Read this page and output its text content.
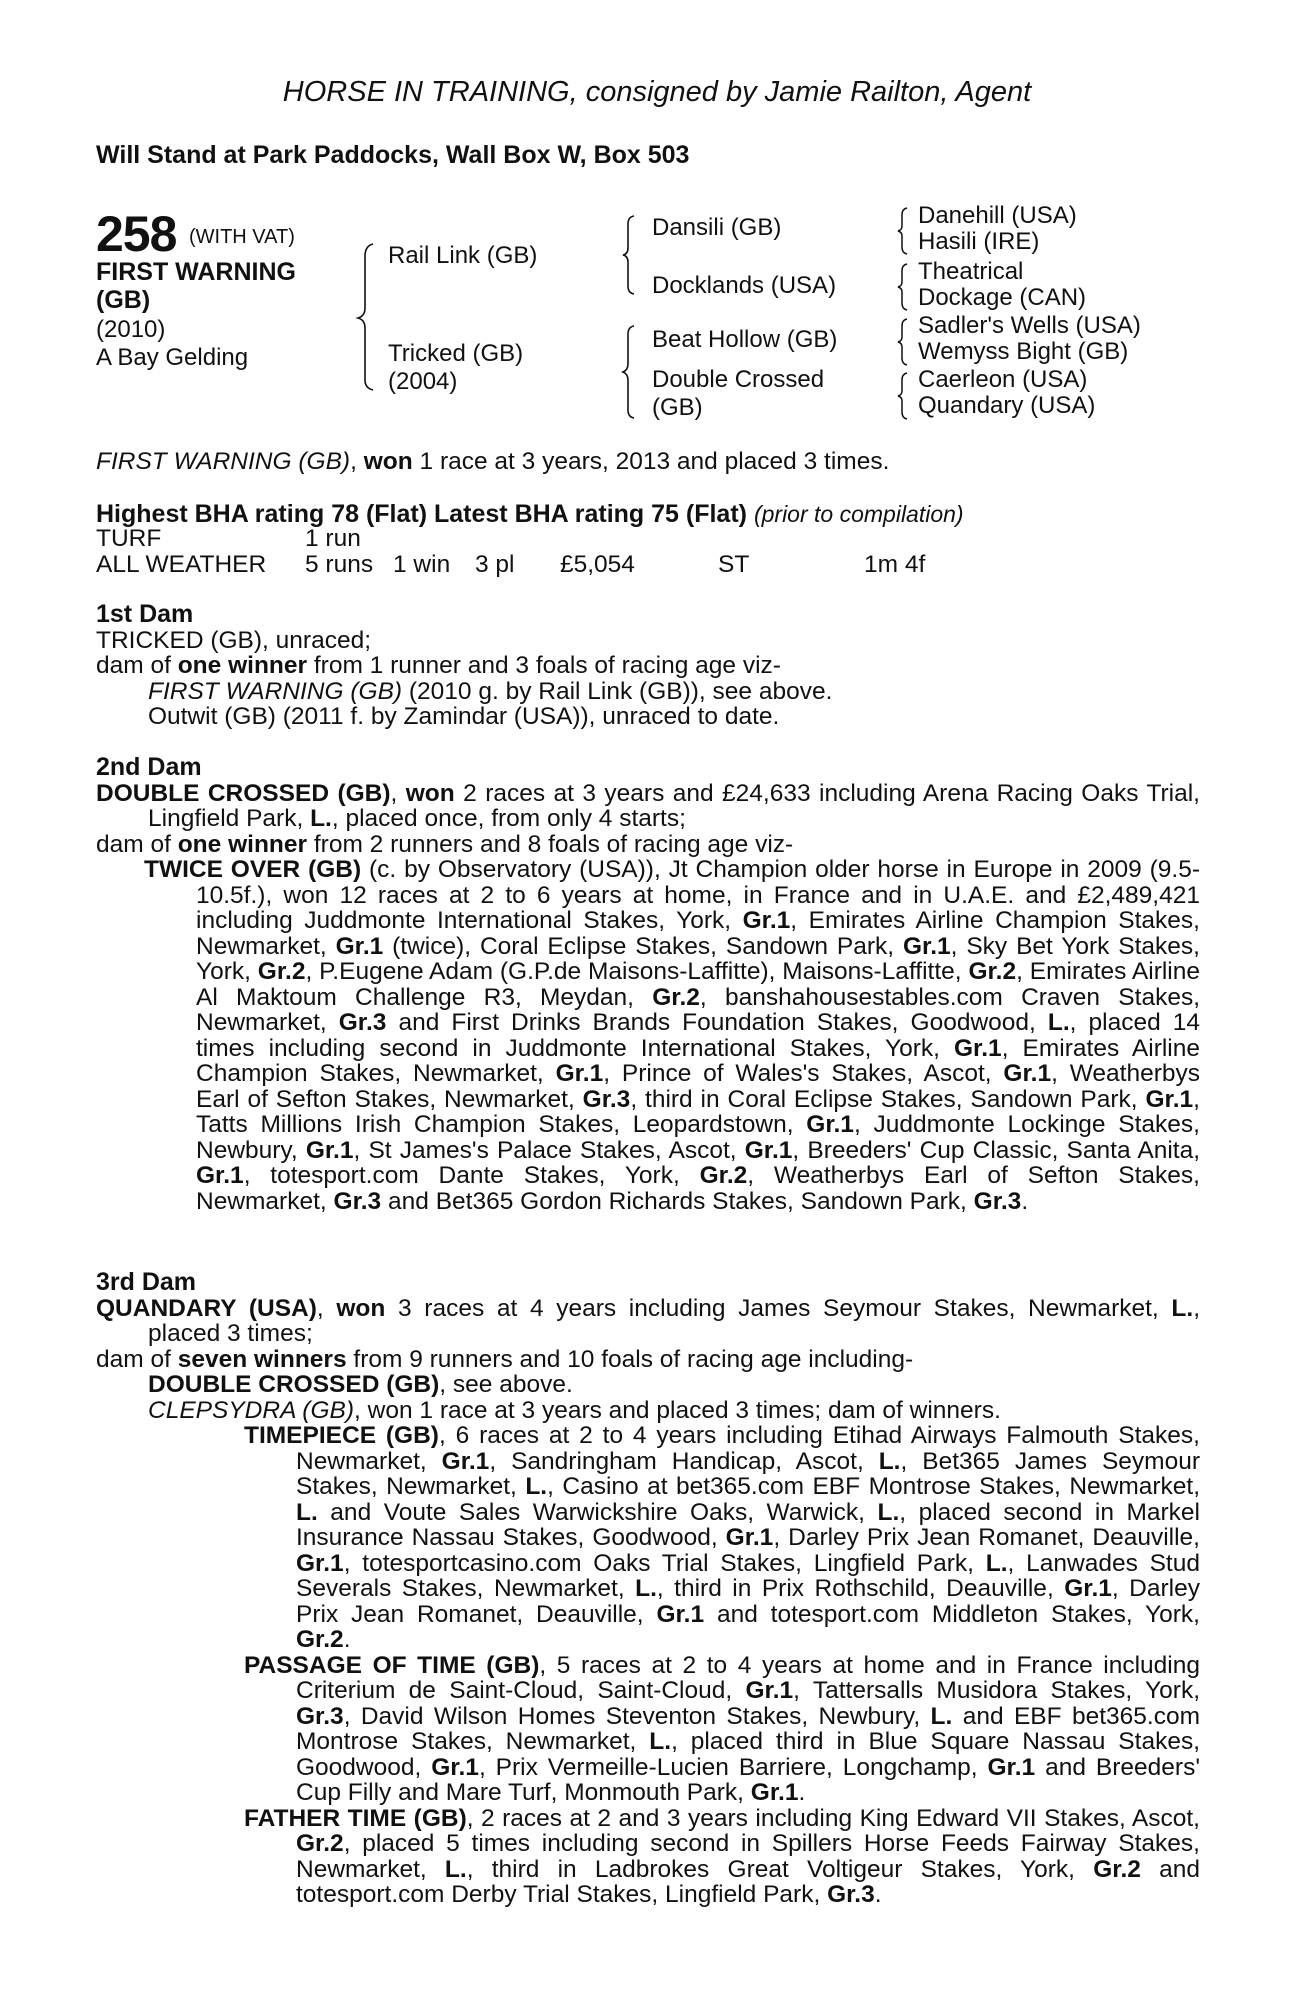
HORSE IN TRAINING, consigned by Jamie Railton, Agent
Will Stand at Park Paddocks, Wall Box W, Box 503
258 (WITH VAT)
FIRST WARNING (GB)
(2010)
A Bay Gelding
Rail Link (GB)
Tricked (GB)
(2004)
Dansili (GB)
Docklands (USA)
Beat Hollow (GB)
Double Crossed
(GB)
Danehill (USA)
Hasili (IRE)
Theatrical
Dockage (CAN)
Sadler's Wells (USA)
Wemyss Bight (GB)
Caerleon (USA)
Quandary (USA)
FIRST WARNING (GB), won 1 race at 3 years, 2013 and placed 3 times.
Highest BHA rating 78 (Flat) Latest BHA rating 75 (Flat) (prior to compilation)
TURF	1 run
ALL WEATHER 5 runs 1 win 3 pl £5,054	ST	1m 4f
1st Dam
TRICKED (GB), unraced;
dam of one winner from 1 runner and 3 foals of racing age viz-
FIRST WARNING (GB) (2010 g. by Rail Link (GB)), see above.
Outwit (GB) (2011 f. by Zamindar (USA)), unraced to date.
2nd Dam
DOUBLE CROSSED (GB), won 2 races at 3 years and £24,633 including Arena Racing Oaks Trial, Lingfield Park, L., placed once, from only 4 starts;
dam of one winner from 2 runners and 8 foals of racing age viz-
TWICE OVER (GB) (c. by Observatory (USA)), Jt Champion older horse in Europe in 2009 (9.5-10.5f.), won 12 races at 2 to 6 years at home, in France and in U.A.E. and £2,489,421 including Juddmonte International Stakes, York, Gr.1, Emirates Airline Champion Stakes, Newmarket, Gr.1 (twice), Coral Eclipse Stakes, Sandown Park, Gr.1, Sky Bet York Stakes, York, Gr.2, P.Eugene Adam (G.P.de Maisons-Laffitte), Maisons-Laffitte, Gr.2, Emirates Airline Al Maktoum Challenge R3, Meydan, Gr.2, banshahousestables.com Craven Stakes, Newmarket, Gr.3 and First Drinks Brands Foundation Stakes, Goodwood, L., placed 14 times including second in Juddmonte International Stakes, York, Gr.1, Emirates Airline Champion Stakes, Newmarket, Gr.1, Prince of Wales's Stakes, Ascot, Gr.1, Weatherbys Earl of Sefton Stakes, Newmarket, Gr.3, third in Coral Eclipse Stakes, Sandown Park, Gr.1, Tatts Millions Irish Champion Stakes, Leopardstown, Gr.1, Juddmonte Lockinge Stakes, Newbury, Gr.1, St James's Palace Stakes, Ascot, Gr.1, Breeders' Cup Classic, Santa Anita, Gr.1, totesport.com Dante Stakes, York, Gr.2, Weatherbys Earl of Sefton Stakes, Newmarket, Gr.3 and Bet365 Gordon Richards Stakes, Sandown Park, Gr.3.
3rd Dam
QUANDARY (USA), won 3 races at 4 years including James Seymour Stakes, Newmarket, L., placed 3 times;
dam of seven winners from 9 runners and 10 foals of racing age including-
DOUBLE CROSSED (GB), see above.
CLEPSYDRA (GB), won 1 race at 3 years and placed 3 times; dam of winners.
TIMEPIECE (GB), 6 races at 2 to 4 years including Etihad Airways Falmouth Stakes, Newmarket, Gr.1, Sandringham Handicap, Ascot, L., Bet365 James Seymour Stakes, Newmarket, L., Casino at bet365.com EBF Montrose Stakes, Newmarket, L. and Voute Sales Warwickshire Oaks, Warwick, L., placed second in Markel Insurance Nassau Stakes, Goodwood, Gr.1, Darley Prix Jean Romanet, Deauville, Gr.1, totesportcasino.com Oaks Trial Stakes, Lingfield Park, L., Lanwades Stud Severals Stakes, Newmarket, L., third in Prix Rothschild, Deauville, Gr.1, Darley Prix Jean Romanet, Deauville, Gr.1 and totesport.com Middleton Stakes, York, Gr.2.
PASSAGE OF TIME (GB), 5 races at 2 to 4 years at home and in France including Criterium de Saint-Cloud, Saint-Cloud, Gr.1, Tattersalls Musidora Stakes, York, Gr.3, David Wilson Homes Steventon Stakes, Newbury, L. and EBF bet365.com Montrose Stakes, Newmarket, L., placed third in Blue Square Nassau Stakes, Goodwood, Gr.1, Prix Vermeille-Lucien Barriere, Longchamp, Gr.1 and Breeders' Cup Filly and Mare Turf, Monmouth Park, Gr.1.
FATHER TIME (GB), 2 races at 2 and 3 years including King Edward VII Stakes, Ascot, Gr.2, placed 5 times including second in Spillers Horse Feeds Fairway Stakes, Newmarket, L., third in Ladbrokes Great Voltigeur Stakes, York, Gr.2 and totesport.com Derby Trial Stakes, Lingfield Park, Gr.3.
